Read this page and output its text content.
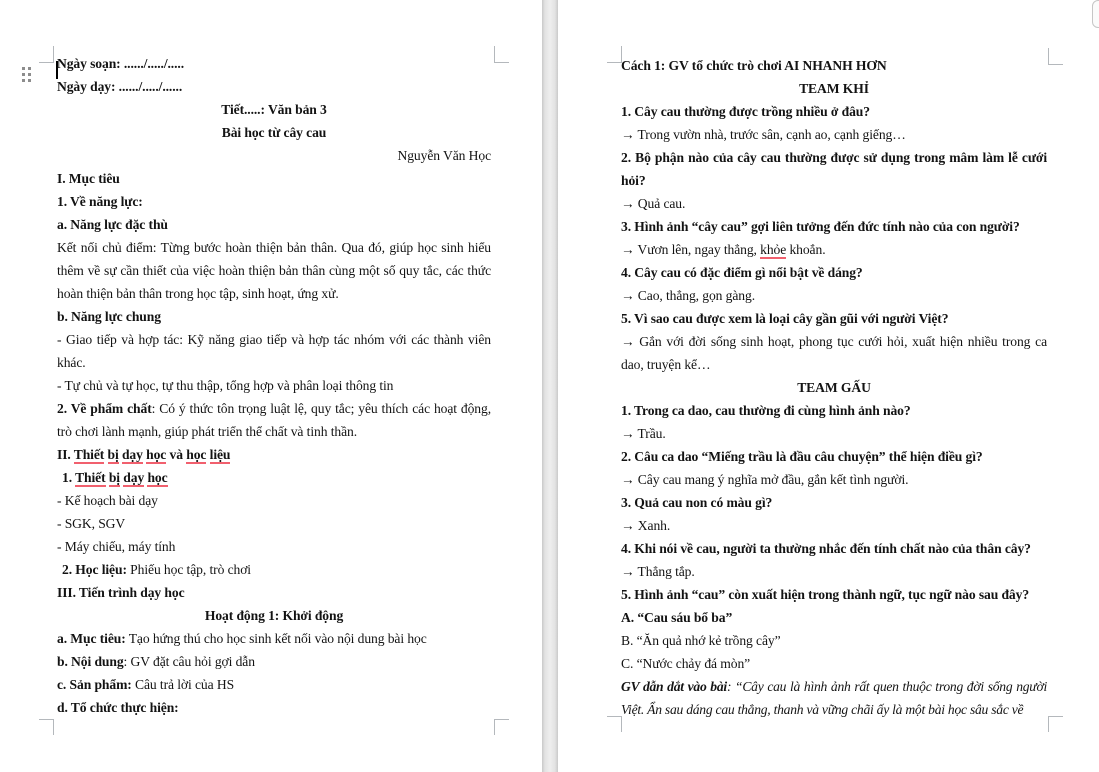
Ngày soạn: ....../...../.....
Ngày dạy: ....../...../......
Tiết.....: Văn bản 3
Bài học từ cây cau
Nguyễn Văn Học
I. Mục tiêu
1. Về năng lực:
a. Năng lực đặc thù
Kết nối chủ điểm: Từng bước hoàn thiện bản thân. Qua đó, giúp học sinh hiểu thêm về sự cần thiết của việc hoàn thiện bản thân cùng một số quy tắc, các thức hoàn thiện bản thân trong học tập, sinh hoạt, ứng xử.
b. Năng lực chung
- Giao tiếp và hợp tác: Kỹ năng giao tiếp và hợp tác nhóm với các thành viên khác.
- Tự chủ và tự học, tự thu thập, tổng hợp và phân loại thông tin
2. Về phẩm chất: Có ý thức tôn trọng luật lệ, quy tắc; yêu thích các hoạt động, trò chơi lành mạnh, giúp phát triển thể chất và tinh thần.
II. Thiết bị dạy học và học liệu
1. Thiết bị dạy học
- Kế hoạch bài dạy
- SGK, SGV
- Máy chiếu, máy tính
2. Học liệu: Phiếu học tập, trò chơi
III. Tiến trình dạy học
Hoạt động 1: Khởi động
a. Mục tiêu: Tạo hứng thú cho học sinh kết nối vào nội dung bài học
b. Nội dung: GV đặt câu hỏi gợi dẫn
c. Sản phẩm: Câu trả lời của HS
d. Tổ chức thực hiện:
Cách 1: GV tổ chức trò chơi AI NHANH HƠN
TEAM KHỈ
1. Cây cau thường được trồng nhiều ở đâu?
→ Trong vườn nhà, trước sân, cạnh ao, cạnh giếng…
2. Bộ phận nào của cây cau thường được sử dụng trong mâm làm lễ cưới hỏi?
→ Quả cau.
3. Hình ảnh “cây cau” gợi liên tưởng đến đức tính nào của con người?
→ Vươn lên, ngay thẳng, khỏe khoắn.
4. Cây cau có đặc điểm gì nổi bật về dáng?
→ Cao, thẳng, gọn gàng.
5. Vì sao cau được xem là loại cây gần gũi với người Việt?
→ Gắn với đời sống sinh hoạt, phong tục cưới hỏi, xuất hiện nhiều trong ca dao, truyện kể…
TEAM GẤU
1. Trong ca dao, cau thường đi cùng hình ảnh nào?
→ Trầu.
2. Câu ca dao “Miếng trầu là đầu câu chuyện” thể hiện điều gì?
→ Cây cau mang ý nghĩa mở đầu, gắn kết tình người.
3. Quả cau non có màu gì?
→ Xanh.
4. Khi nói về cau, người ta thường nhắc đến tính chất nào của thân cây?
→ Thẳng tắp.
5. Hình ảnh “cau” còn xuất hiện trong thành ngữ, tục ngữ nào sau đây?
A. “Cau sáu bổ ba”
B. “Ăn quả nhớ kẻ trồng cây”
C. “Nước chảy đá mòn”
GV dẫn dắt vào bài: “Cây cau là hình ảnh rất quen thuộc trong đời sống người Việt. Ẩn sau dáng cau thẳng, thanh và vững chãi ấy là một bài học sâu sắc về
